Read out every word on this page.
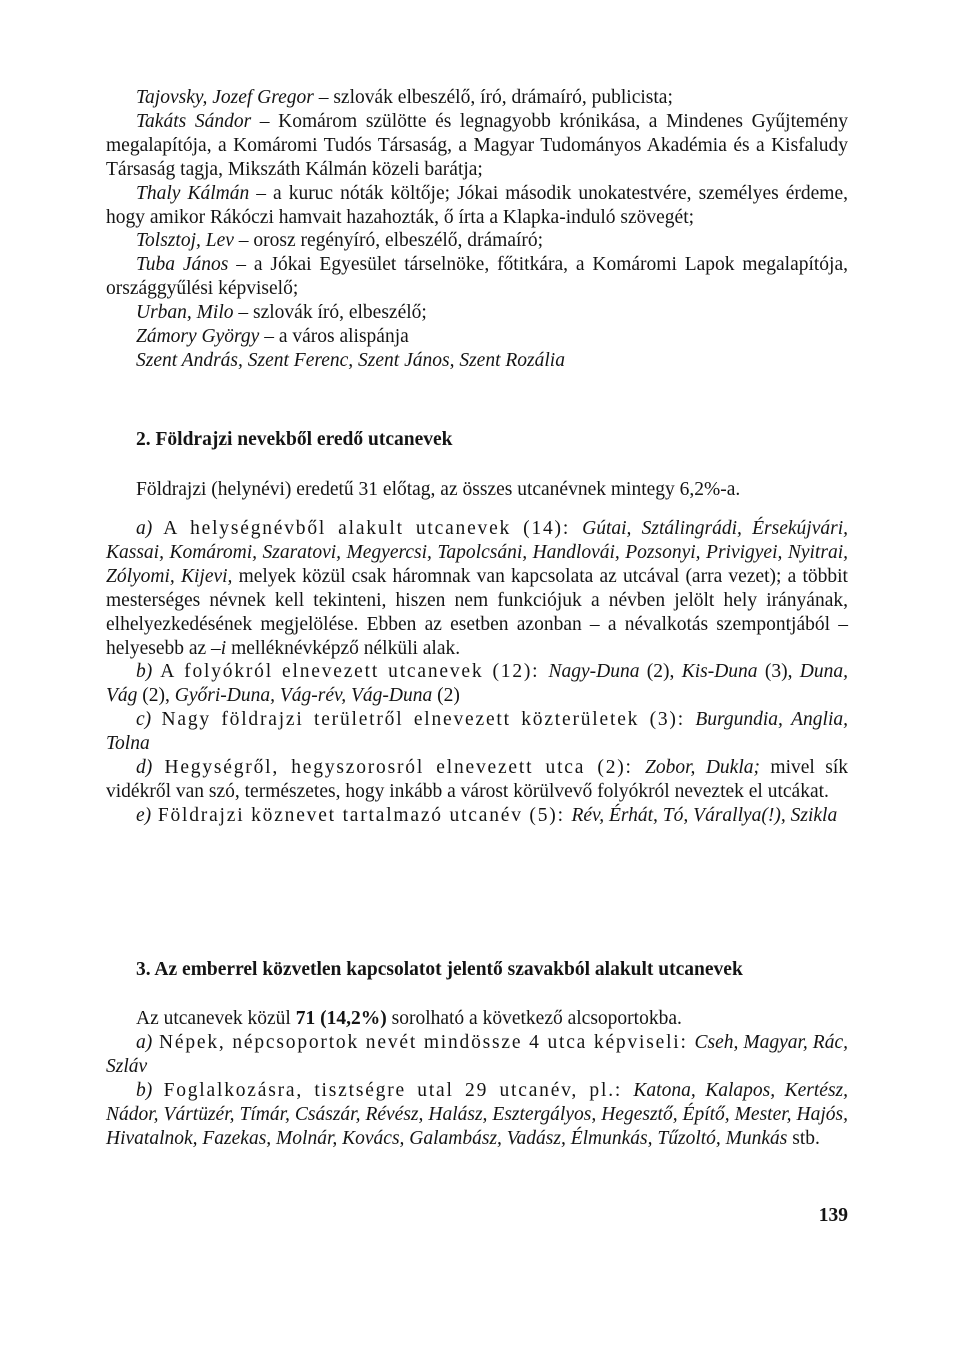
Tajovsky, Jozef Gregor – szlovák elbeszélő, író, drámaíró, publicista;

Takáts Sándor – Komárom szülötte és legnagyobb krónikása, a Mindenes Gyűjtemény megalapítója, a Komáromi Tudós Társaság, a Magyar Tudományos Akadémia és a Kisfaludy Társaság tagja, Mikszáth Kálmán közeli barátja;

Thaly Kálmán – a kuruc nóták költője; Jókai második unokatestvére, személyes érdeme, hogy amikor Rákóczi hamvait hazahozták, ő írta a Klapka-induló szövegét;

Tolsztoj, Lev – orosz regényíró, elbeszélő, drámaíró;

Tuba János – a Jókai Egyesület társelnöke, főtitkára, a Komáromi Lapok megalapítója, országgyűlési képviselő;

Urban, Milo – szlovák író, elbeszélő;

Zámory György – a város alispánja

Szent András, Szent Ferenc, Szent János, Szent Rozália

2. Földrajzi nevekből eredő utcanevek

Földrajzi (helynévi) eredetű 31 előtag, az összes utcanévnek mintegy 6,2%-a.

a) A helységnévből alakult utcanevek (14): Gútai, Sztálingrádi, Érsekújvári, Kassai, Komáromi, Szaratovi, Megyercsi, Tapolcsáni, Handlovái, Pozsonyi, Privigyei, Nyitrai, Zólyomi, Kijevi, melyek közül csak háromnak van kapcsolata az utcával (arra vezet); a többit mesterséges névnek kell tekinteni, hiszen nem funkciójuk a névben jelölt hely irányának, elhelyezkedésének megjelölése. Ebben az esetben azonban – a névalkotás szempontjából – helyesebb az –i melléknévképző nélküli alak.

b) A folyókról elnevezett utcanevek (12): Nagy-Duna (2), Kis-Duna (3), Duna, Vág (2), Győri-Duna, Vág-rév, Vág-Duna (2)

c) Nagy földrajzi területről elnevezett közterületek (3): Burgundia, Anglia, Tolna

d) Hegységről, hegyszorosról elnevezett utca (2): Zobor, Dukla; mivel sík vidékről van szó, természetes, hogy inkább a várost körülvevő folyókról neveztek el utcákat.

e) Földrajzi köznevet tartalmazó utcanév (5): Rév, Érhát, Tó, Várallya(!), Szikla

3. Az emberrel közvetlen kapcsolatot jelentő szavakból alakult utcanevek

Az utcanevek közül 71 (14,2%) sorolható a következő alcsoportokba.

a) Népek, népcsoportok nevét mindössze 4 utca képviseli: Cseh, Magyar, Rác, Szláv

b) Foglalkozásra, tisztségre utal 29 utcanév, pl.: Katona, Kalapos, Kertész, Nádor, Vártüzér, Tímár, Császár, Révész, Halász, Esztergályos, Hegesztő, Építő, Mester, Hajós, Hivatalnok, Fazekas, Molnár, Kovács, Galambász, Vadász, Élmunkás, Tűzoltó, Munkás stb.

139
